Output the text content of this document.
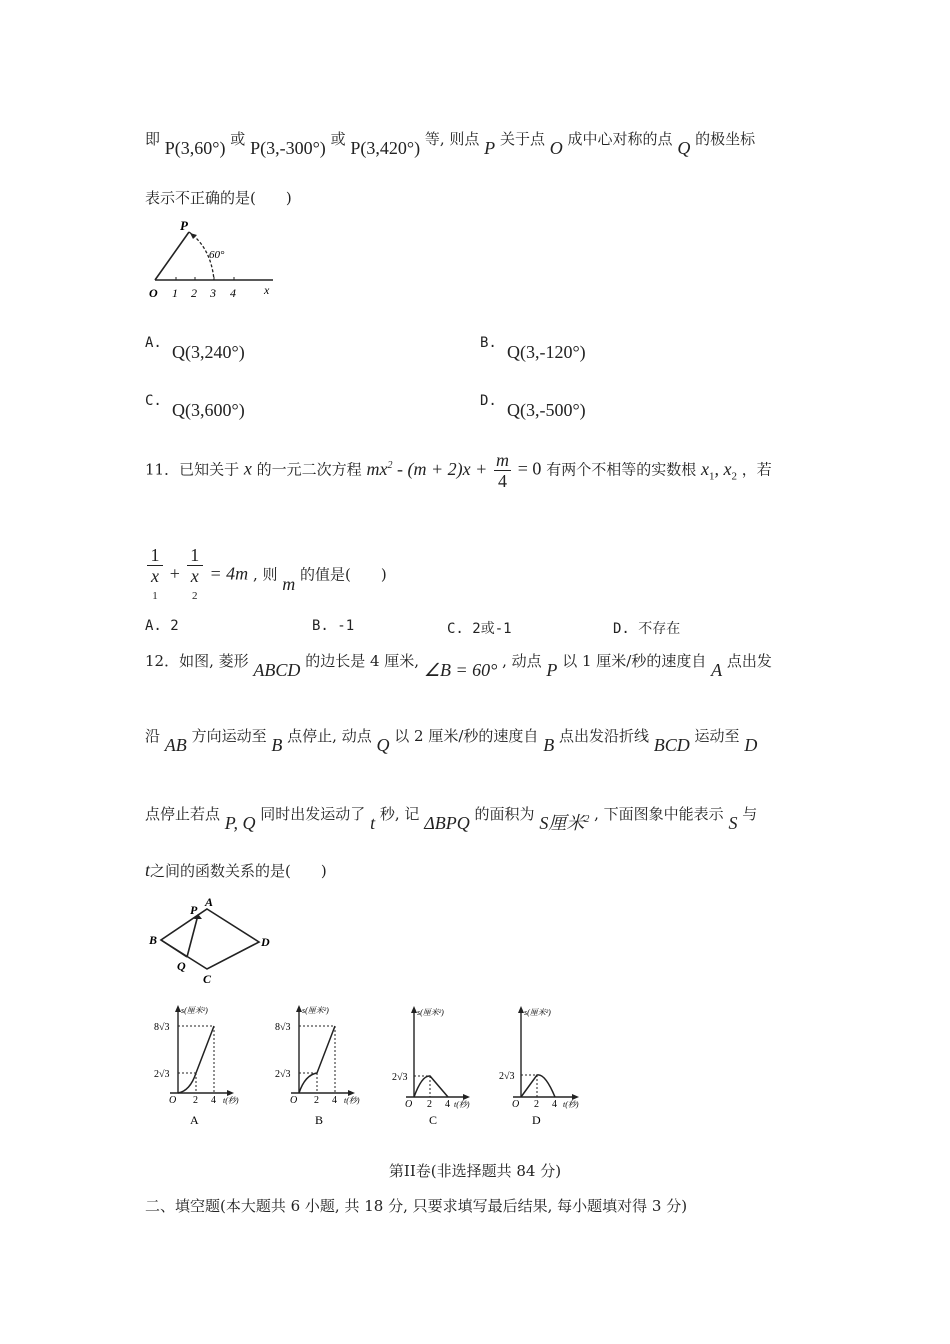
即 P(3,60°) 或 P(3,-300°) 或 P(3,420°) 等, 则点 P 关于点 O 成中心对称的点 Q 的极坐标
表示不正确的是(　　)
P
60°
O 1 2 3 4 x
A. Q(3,240°)	B. Q(3,-120°)
C. Q(3,600°)	D. Q(3,-500°)
11．已知关于 x 的一元二次方程 $mx^2 - (m + 2)x + \frac{m}{4} = 0$ 有两个不相等的实数根 $x_1$, $x_2$ ，若
1
x
1 + 1
x
2 = 4m , 则 m 的值是(　　)
A. 2	B. -1	C. 2或-1	D. 不存在
12．如图, 菱形 ABCD 的边长是 4 厘米, ∠B = 60° , 动点 P 以 1 厘米/秒的速度自 A 点出发
沿 AB 方向运动至 B 点停止, 动点 Q 以 2 厘米/秒的速度自 B 点出发沿折线 BCD 运动至 D
点停止若点 P, Q 同时出发运动了 t 秒, 记 ΔBPQ 的面积为 S厘米$^2$ , 下面图象中能表示 S 与
t之间的函数关系的是(　　)
A
P
B	D
Q
C
s(厘米²)
8√3
2√3
O 2 4 t(秒)
A
s(厘米²)
8√3
2√3
O 2 4 t(秒)
B
s(厘米²)
2√3
O 2 4 t(秒)
C
s(厘米²)
2√3
O 2 4 t(秒)
D
第II卷(非选择题共 84 分)
二、填空题(本大题共 6 小题, 共 18 分, 只要求填写最后结果, 每小题填对得 3 分)
